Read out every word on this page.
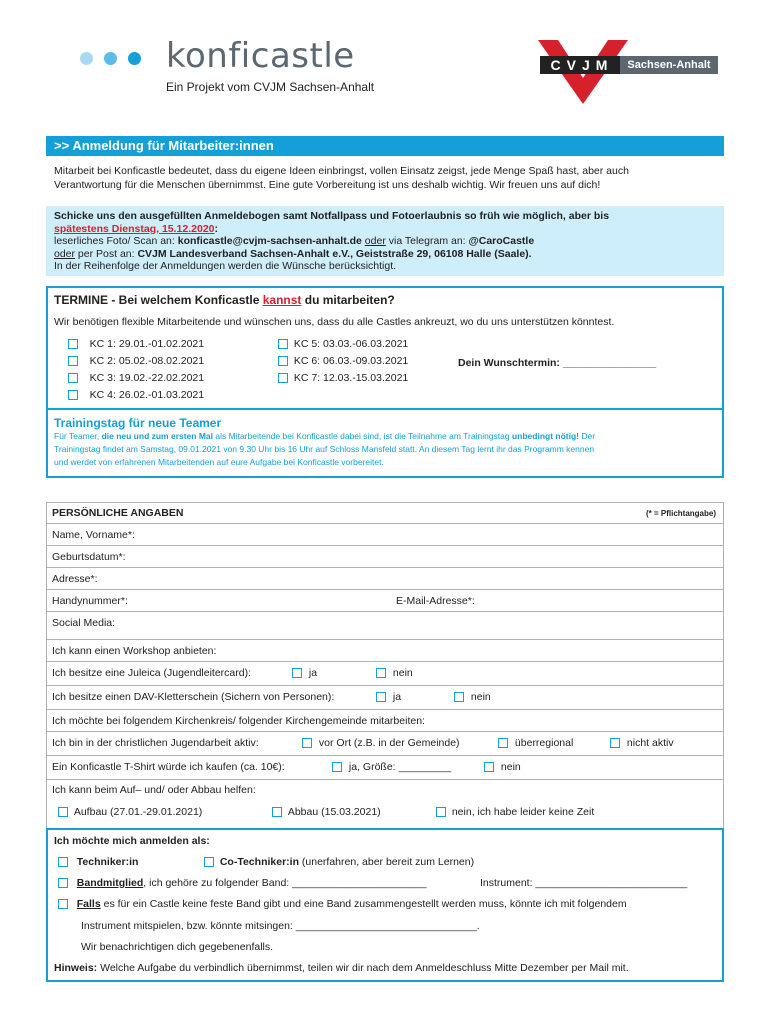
konficastle
Ein Projekt vom CVJM Sachsen-Anhalt
CVJM	Sachsen-Anhalt
>> Anmeldung für Mitarbeiter:innen
Mitarbeit bei Konficastle bedeutet, dass du eigene Ideen einbringst, vollen Einsatz zeigst, jede Menge Spaß hast, aber auch
Verantwortung für die Menschen übernimmst. Eine gute Vorbereitung ist uns deshalb wichtig. Wir freuen uns auf dich!
Schicke uns den ausgefüllten Anmeldebogen samt Notfallpass und Fotoerlaubnis so früh wie möglich, aber bis
spätestens Dienstag, 15.12.2020:
leserliches Foto/ Scan an: konficastle@cvjm-sachsen-anhalt.de oder via Telegram an: @CaroCastle
oder per Post an: CVJM Landesverband Sachsen-Anhalt e.V., Geiststraße 29, 06108 Halle (Saale).
In der Reihenfolge der Anmeldungen werden die Wünsche berücksichtigt.
TERMINE - Bei welchem Konficastle kannst du mitarbeiten?
Wir benötigen flexible Mitarbeitende und wünschen uns, dass du alle Castles ankreuzt, wo du uns unterstützen könntest.
KC 1: 29.01.-01.02.2021
KC 2: 05.02.-08.02.2021
KC 3: 19.02.-22.02.2021
KC 4: 26.02.-01.03.2021
KC 5: 03.03.-06.03.2021
KC 6: 06.03.-09.03.2021
KC 7: 12.03.-15.03.2021
Dein Wunschtermin: ________________
Trainingstag für neue Teamer
Für Teamer, die neu und zum ersten Mal als Mitarbeitende bei Konficastle dabei sind, ist die Teilnahme am Trainingstag unbedingt nötig! Der
Trainingstag findet am Samstag, 09.01.2021 von 9.30 Uhr bis 16 Uhr auf Schloss Mansfeld statt. An diesem Tag lernt ihr das Programm kennen
und werdet von erfahrenen Mitarbeitenden auf eure Aufgabe bei Konficastle vorbereitet.
PERSÖNLICHE ANGABEN	(* = Pflichtangabe)
Name, Vorname*:
Geburtsdatum*:
Adresse*:
Handynummer*:	E-Mail-Adresse*:
Social Media:
Ich kann einen Workshop anbieten:
Ich besitze eine Juleica (Jugendleitercard):	ja	nein
Ich besitze einen DAV-Kletterschein (Sichern von Personen):	ja	nein
Ich möchte bei folgendem Kirchenkreis/ folgender Kirchengemeinde mitarbeiten:
Ich bin in der christlichen Jugendarbeit aktiv:	vor Ort (z.B. in der Gemeinde)	überregional	nicht aktiv
Ein Konficastle T-Shirt würde ich kaufen (ca. 10€):	ja, Größe: _________	nein
Ich kann beim Auf– und/ oder Abbau helfen:
Aufbau (27.01.-29.01.2021)	Abbau (15.03.2021)	nein, ich habe leider keine Zeit
Ich möchte mich anmelden als:
Techniker:in	Co-Techniker:in (unerfahren, aber bereit zum Lernen)
Bandmitglied, ich gehöre zu folgender Band: _______________________	Instrument: __________________________
Falls es für ein Castle keine feste Band gibt und eine Band zusammengestellt werden muss, könnte ich mit folgendem
Instrument mitspielen, bzw. könnte mitsingen: _______________________________.
Wir benachrichtigen dich gegebenenfalls.
Hinweis: Welche Aufgabe du verbindlich übernimmst, teilen wir dir nach dem Anmeldeschluss Mitte Dezember per Mail mit.
